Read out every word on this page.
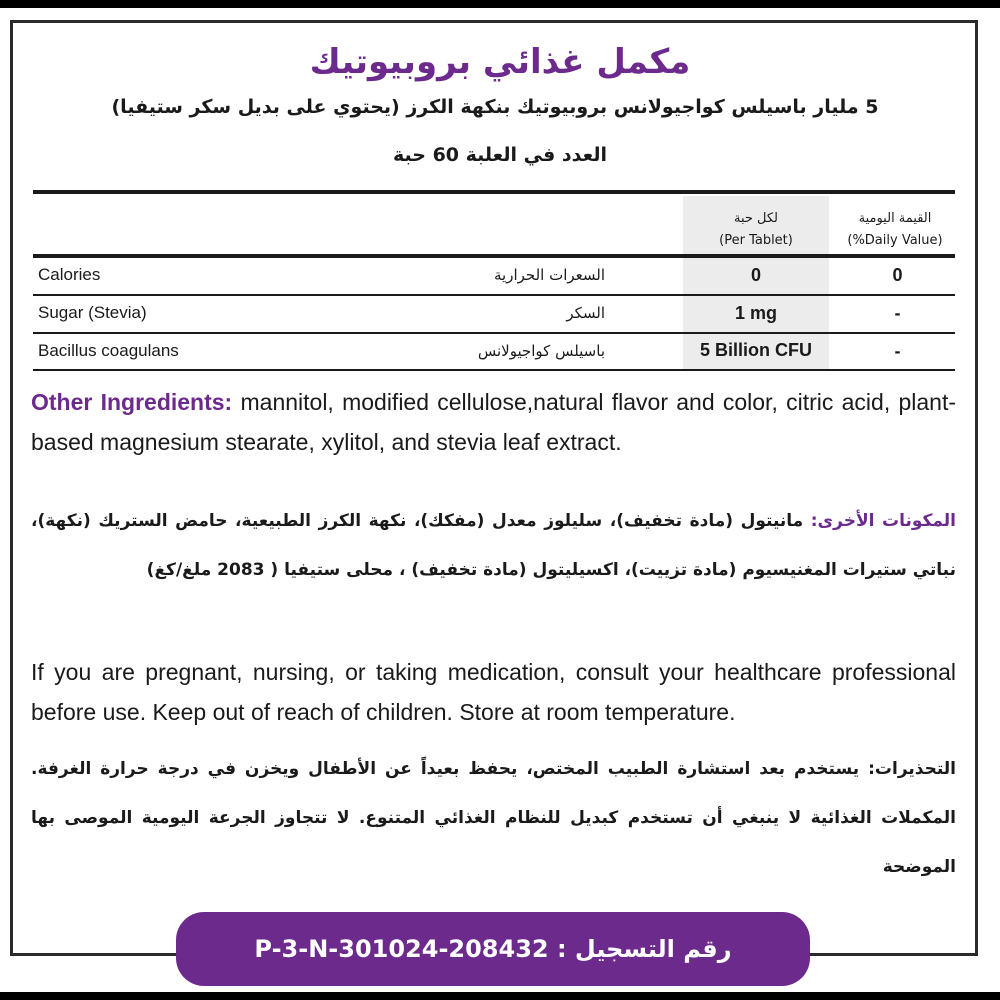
مكمل غذائي بروبيوتيك
5 مليار باسيلس كواجيولانس بروبيوتيك بنكهة الكرز (يحتوي على بديل سكر ستيفيا)
العدد في العلبة 60 حبة
لكل حبة
(Per Tablet)
القيمة اليومية
(%Daily Value)
Calories	السعرات الحرارية	0	0
Sugar (Stevia)	السكر	1 mg	-
Bacillus coagulans	باسيلس كواجيولانس	5 Billion CFU	-
Other Ingredients: mannitol, modified cellulose,natural flavor and color, citric acid, plant-based magnesium stearate, xylitol, and stevia leaf extract.
المكونات الأخرى: مانيتول (مادة تخفيف)، سليلوز معدل (مفكك)، نكهة الكرز الطبيعية، حامض الستريك (نكهة)، نباتي ستيرات المغنيسيوم (مادة تزييت)، اكسيليتول (مادة تخفيف) ، محلى ستيفيا ( 2083 ملغ/كغ)
If you are pregnant, nursing, or taking medication, consult your healthcare professional before use. Keep out of reach of children. Store at room temperature.
التحذيرات: يستخدم بعد استشارة الطبيب المختص، يحفظ بعيداً عن الأطفال ويخزن في درجة حرارة الغرفة. المكملات الغذائية لا ينبغي أن تستخدم كبديل للنظام الغذائي المتنوع. لا تتجاوز الجرعة اليومية الموصى بها الموضحة
رقم التسجيل : P-3-N-301024-208432
